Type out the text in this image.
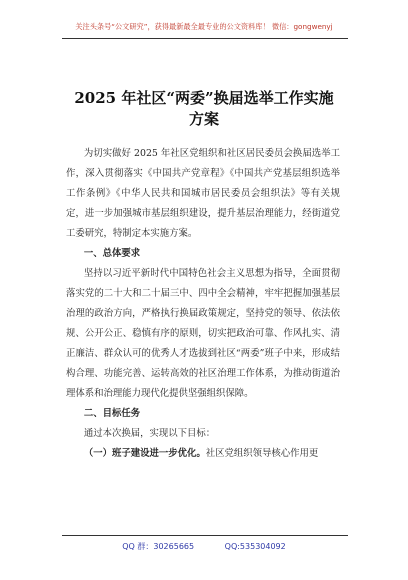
关注头条号“公文研究”，获得最新最全最专业的公文资料库！ 微信：gongwenyj
2025 年社区“两委”换届选举工作实施
方案

为切实做好 2025 年社区党组织和社区居民委员会换届选举工作，深入贯彻落实《中国共产党章程》《中国共产党基层组织选举工作条例》《中华人民共和国城市居民委员会组织法》等有关规定，进一步加强城市基层组织建设，提升基层治理能力，经街道党工委研究，特制定本实施方案。

一、总体要求

坚持以习近平新时代中国特色社会主义思想为指导，全面贯彻落实党的二十大和二十届三中、四中全会精神，牢牢把握加强基层治理的政治方向，严格执行换届政策规定，坚持党的领导、依法依规、公开公正、稳慎有序的原则，切实把政治可靠、作风扎实、清正廉洁、群众认可的优秀人才选拔到社区“两委”班子中来，形成结构合理、功能完善、运转高效的社区治理工作体系，为推动街道治理体系和治理能力现代化提供坚强组织保障。

二、目标任务

通过本次换届，实现以下目标：

（一）班子建设进一步优化。社区党组织领导核心作用更

QQ 群：30265665	QQ:535304092
